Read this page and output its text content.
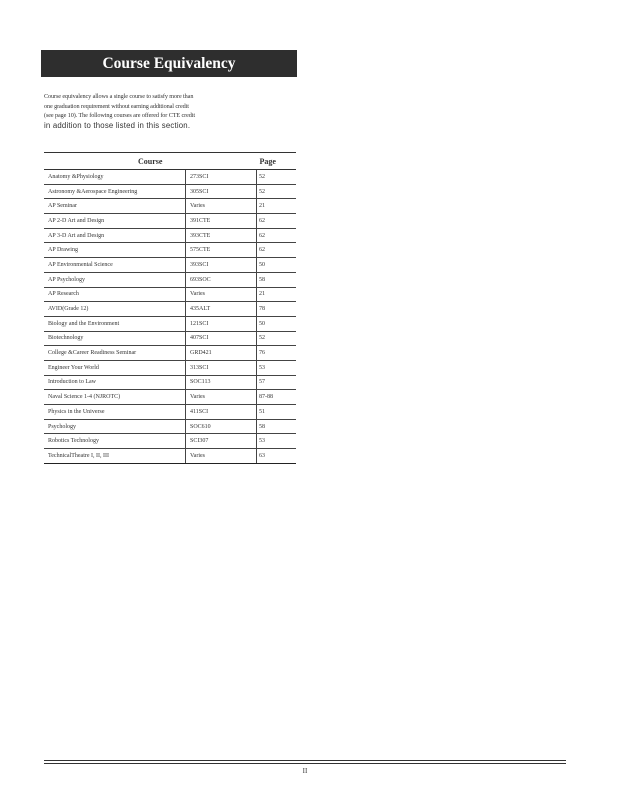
Course Equivalency
Course equivalency allows a single course to satisfy more than
one graduation requirement without earning additional credit
(see page 10). The following courses are offered for CTE credit
in addition to those listed in this section.
Course		Page
Anatomy &Physiology	273SCI	52
Astronomy &Aerospace Engineering	305SCI	52
AP Seminar	Varies	21
AP 2-D Art and Design	391CTE	62
AP 3-D Art and Design	393CTE	62
AP Drawing	575CTE	62
AP Environmental Science	393SCI	50
AP Psychology	693SOC	58
AP Research	Varies	21
AVID(Grade 12)	435ALT	78
Biology and the Environment	121SCI	50
Biotechnology	407SCI	52
College &Career Readiness Seminar	GRD421	76
Engineer Your World	313SCI	53
Introduction to Law	SOC113	57
Naval Science 1-4 (NJROTC)	Varies	87-88
Physics in the Universe	411SCI	51
Psychology	SOC610	58
Robotics Technology	SCI307	53
TechnicalTheatre I, II, III	Varies	63
II
